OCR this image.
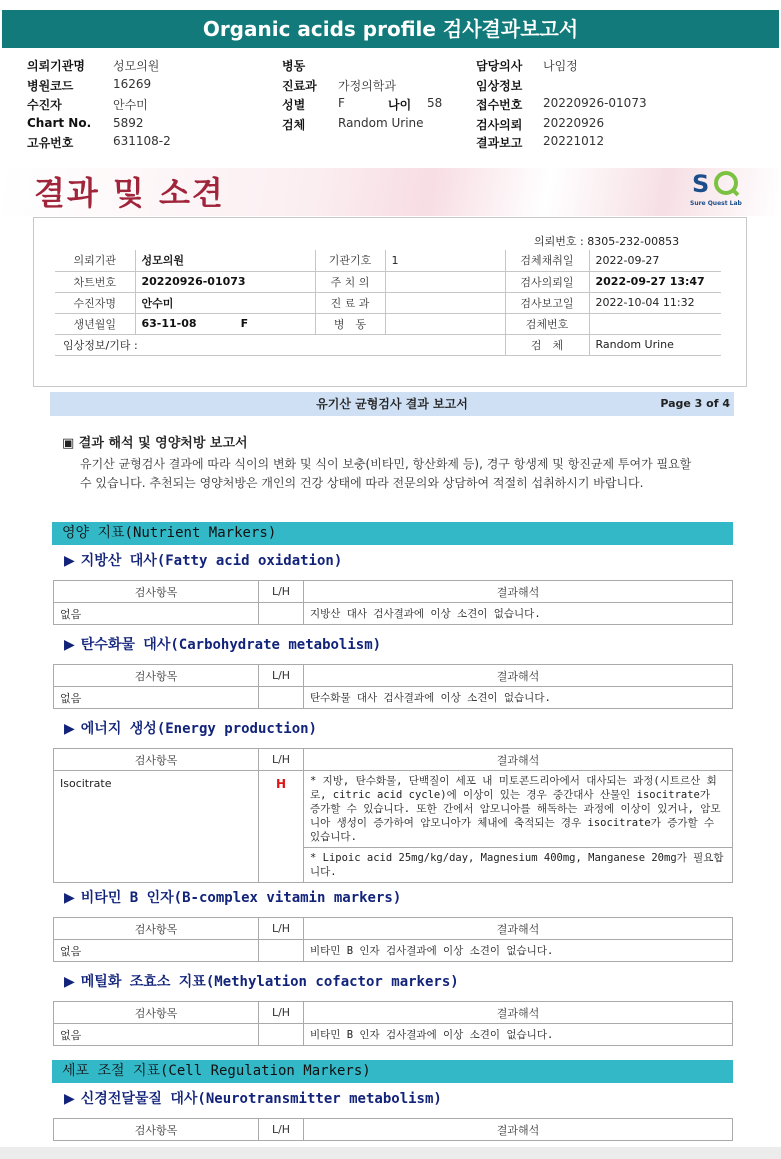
Organic acids profile 검사결과보고서
의뢰기관명 성모의원
병원코드	16269
수진자	안수미
Chart No. 5892
고유번호	631108-2
병동
진료과 가정의학과
성별	F	나이 58
검체	Random Urine
담당의사 나임정
임상정보
접수번호 20220926-01073
검사의뢰 20220926
결과보고 20221012
결과 및 소견	S
Sure Quest Lab
의뢰번호 : 8305-232-00853
의뢰기관	성모의원	기관기호	1	검체채취일	2022-09-27
차트번호	20220926-01073	주 치 의		검사의뢰일	2022-09-27 13:47
수진자명	안수미	진 료 과		검사보고일	2022-10-04 11:32
생년월일	63-11-08 F	병　동		검체번호	
임상정보/기타 :				검　체	Random Urine
유기산 균형검사 결과 보고서	Page 3 of 4
▣ 결과 해석 및 영양처방 보고서
유기산 균형검사 결과에 따라 식이의 변화 및 식이 보충(비타민, 항산화제 등), 경구 항생제 및 항진균제 투여가 필요할 수 있습니다. 추천되는 영양처방은 개인의 건강 상태에 따라 전문의와 상담하여 적절히 섭취하시기 바랍니다.
영양 지표(Nutrient Markers)
▶ 지방산 대사(Fatty acid oxidation)
검사항목	L/H	결과해석
없음		지방산 대사 검사결과에 이상 소견이 없습니다.
▶ 탄수화물 대사(Carbohydrate metabolism)
검사항목	L/H	결과해석
없음		탄수화물 대사 검사결과에 이상 소견이 없습니다.
▶ 에너지 생성(Energy production)
검사항목	L/H	결과해석
Isocitrate	H	* 지방, 탄수화물, 단백질이 세포 내 미토콘드리아에서 대사되는 과정(시트르산 회로, citric acid cycle)에 이상이 있는 경우 중간대사 산물인 isocitrate가 증가할 수 있습니다. 또한 간에서 암모니아를 해독하는 과정에 이상이 있거나, 암모니아 생성이 증가하여 암모니아가 체내에 축적되는 경우 isocitrate가 증가할 수 있습니다.
		* Lipoic acid 25mg/kg/day, Magnesium 400mg, Manganese 20mg가 필요합니다.
▶ 비타민 B 인자(B-complex vitamin markers)
검사항목	L/H	결과해석
없음		비타민 B 인자 검사결과에 이상 소견이 없습니다.
▶ 메틸화 조효소 지표(Methylation cofactor markers)
검사항목	L/H	결과해석
없음		비타민 B 인자 검사결과에 이상 소견이 없습니다.
세포 조절 지표(Cell Regulation Markers)
▶ 신경전달물질 대사(Neurotransmitter metabolism)
검사항목	L/H	결과해석
